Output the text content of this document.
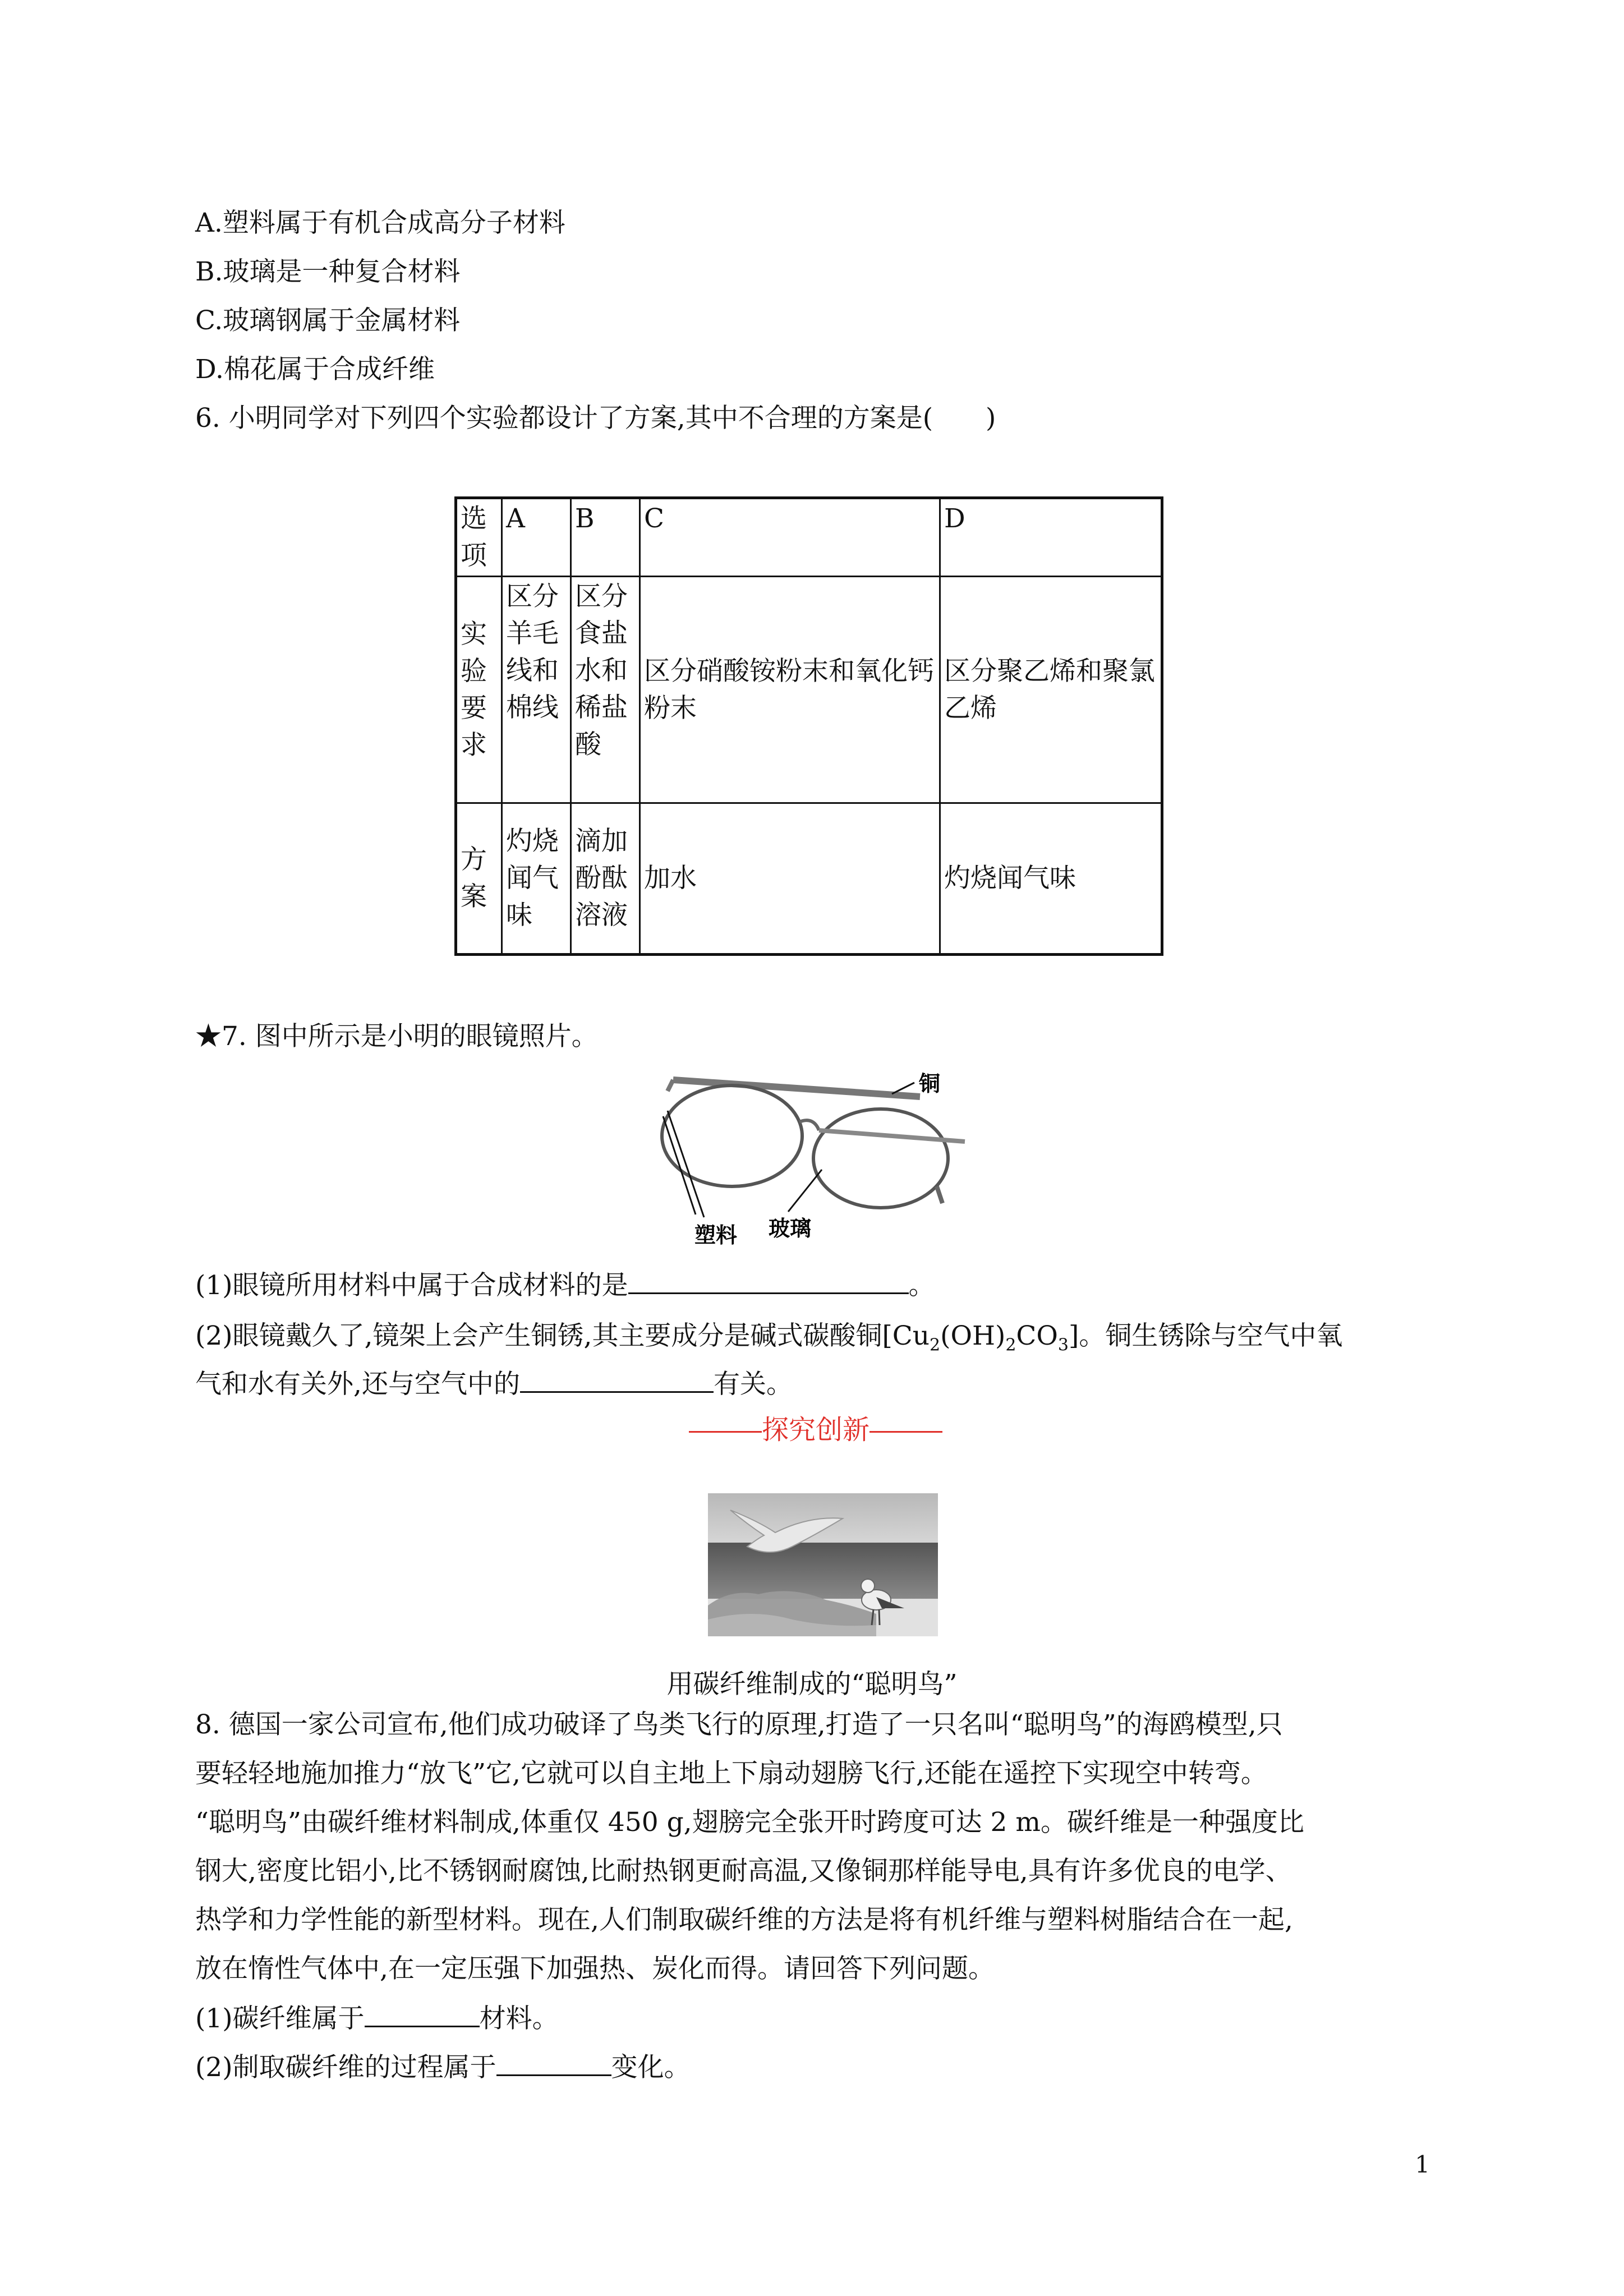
A.塑料属于有机合成高分子材料
B.玻璃是一种复合材料
C.玻璃钢属于金属材料
D.棉花属于合成纤维
6. 小明同学对下列四个实验都设计了方案,其中不合理的方案是(　　)
选项	A	B	C	D
实验要求	区分羊毛线和棉线	区分食盐水和稀盐酸	区分硝酸铵粉末和氧化钙粉末	区分聚乙烯和聚氯乙烯
方案	灼烧闻气味	滴加酚酞溶液	加水	灼烧闻气味
★7. 图中所示是小明的眼镜照片。
铜
塑料 玻璃
(1)眼镜所用材料中属于合成材料的是	。
(2)眼镜戴久了,镜架上会产生铜锈,其主要成分是碱式碳酸铜$[Cu_2(OH)_2CO_3]$。铜生锈除与空气中氧
气和水有关外,还与空气中的	有关。
探究创新
用碳纤维制成的“聪明鸟”
8. 德国一家公司宣布,他们成功破译了鸟类飞行的原理,打造了一只名叫“聪明鸟”的海鸥模型,只
要轻轻地施加推力“放飞”它,它就可以自主地上下扇动翅膀飞行,还能在遥控下实现空中转弯。
“聪明鸟”由碳纤维材料制成,体重仅 450 g,翅膀完全张开时跨度可达 2 m。碳纤维是一种强度比
钢大,密度比铝小,比不锈钢耐腐蚀,比耐热钢更耐高温,又像铜那样能导电,具有许多优良的电学、
热学和力学性能的新型材料。现在,人们制取碳纤维的方法是将有机纤维与塑料树脂结合在一起,
放在惰性气体中,在一定压强下加强热、炭化而得。请回答下列问题。
(1)碳纤维属于	材料。
(2)制取碳纤维的过程属于	变化。
1
